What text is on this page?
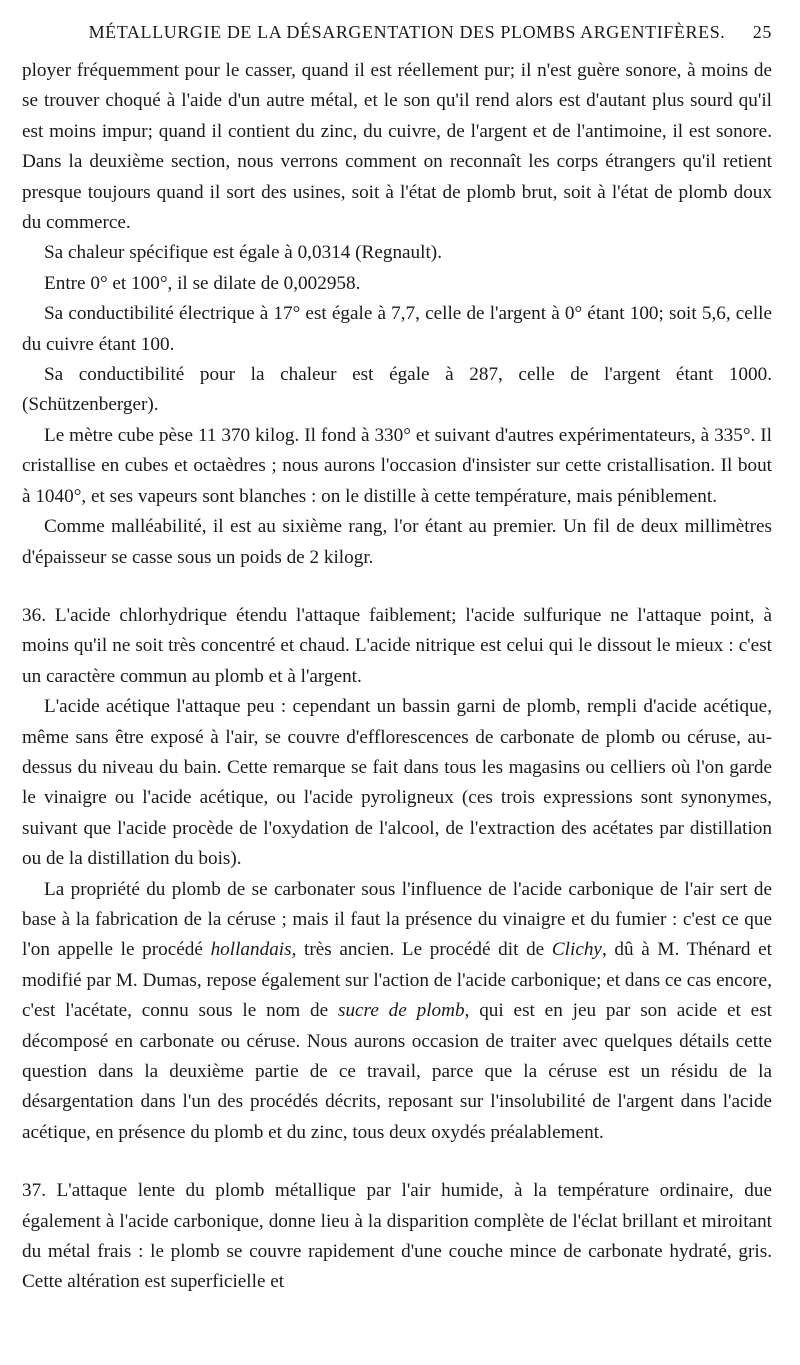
MÉTALLURGIE DE LA DÉSARGENTATION DES PLOMBS ARGENTIFÈRES.	25

ployer fréquemment pour le casser, quand il est réellement pur; il n'est guère sonore, à moins de se trouver choqué à l'aide d'un autre métal, et le son qu'il rend alors est d'autant plus sourd qu'il est moins impur; quand il contient du zinc, du cuivre, de l'argent et de l'antimoine, il est sonore. Dans la deuxième section, nous verrons comment on reconnaît les corps étrangers qu'il retient presque toujours quand il sort des usines, soit à l'état de plomb brut, soit à l'état de plomb doux du commerce.

Sa chaleur spécifique est égale à 0,0314 (Regnault).

Entre 0° et 100°, il se dilate de 0,002958.

Sa conductibilité électrique à 17° est égale à 7,7, celle de l'argent à 0° étant 100; soit 5,6, celle du cuivre étant 100.

Sa conductibilité pour la chaleur est égale à 287, celle de l'argent étant 1000. (Schützenberger).

Le mètre cube pèse 11 370 kilog. Il fond à 330° et suivant d'autres expérimentateurs, à 335°. Il cristallise en cubes et octaèdres ; nous aurons l'occasion d'insister sur cette cristallisation. Il bout à 1040°, et ses vapeurs sont blanches : on le distille à cette température, mais péniblement.

Comme malléabilité, il est au sixième rang, l'or étant au premier. Un fil de deux millimètres d'épaisseur se casse sous un poids de 2 kilogr.

36. L'acide chlorhydrique étendu l'attaque faiblement; l'acide sulfurique ne l'attaque point, à moins qu'il ne soit très concentré et chaud. L'acide nitrique est celui qui le dissout le mieux : c'est un caractère commun au plomb et à l'argent.

L'acide acétique l'attaque peu : cependant un bassin garni de plomb, rempli d'acide acétique, même sans être exposé à l'air, se couvre d'efflorescences de carbonate de plomb ou céruse, au-dessus du niveau du bain. Cette remarque se fait dans tous les magasins ou celliers où l'on garde le vinaigre ou l'acide acétique, ou l'acide pyroligneux (ces trois expressions sont synonymes, suivant que l'acide procède de l'oxydation de l'alcool, de l'extraction des acétates par distillation ou de la distillation du bois).

La propriété du plomb de se carbonater sous l'influence de l'acide carbonique de l'air sert de base à la fabrication de la céruse ; mais il faut la présence du vinaigre et du fumier : c'est ce que l'on appelle le procédé hollandais, très ancien. Le procédé dit de Clichy, dû à M. Thénard et modifié par M. Dumas, repose également sur l'action de l'acide carbonique; et dans ce cas encore, c'est l'acétate, connu sous le nom de sucre de plomb, qui est en jeu par son acide et est décomposé en carbonate ou céruse. Nous aurons occasion de traiter avec quelques détails cette question dans la deuxième partie de ce travail, parce que la céruse est un résidu de la désargentation dans l'un des procédés décrits, reposant sur l'insolubilité de l'argent dans l'acide acétique, en présence du plomb et du zinc, tous deux oxydés préalablement.

37. L'attaque lente du plomb métallique par l'air humide, à la température ordinaire, due également à l'acide carbonique, donne lieu à la disparition complète de l'éclat brillant et miroitant du métal frais : le plomb se couvre rapidement d'une couche mince de carbonate hydraté, gris. Cette altération est superficielle et
